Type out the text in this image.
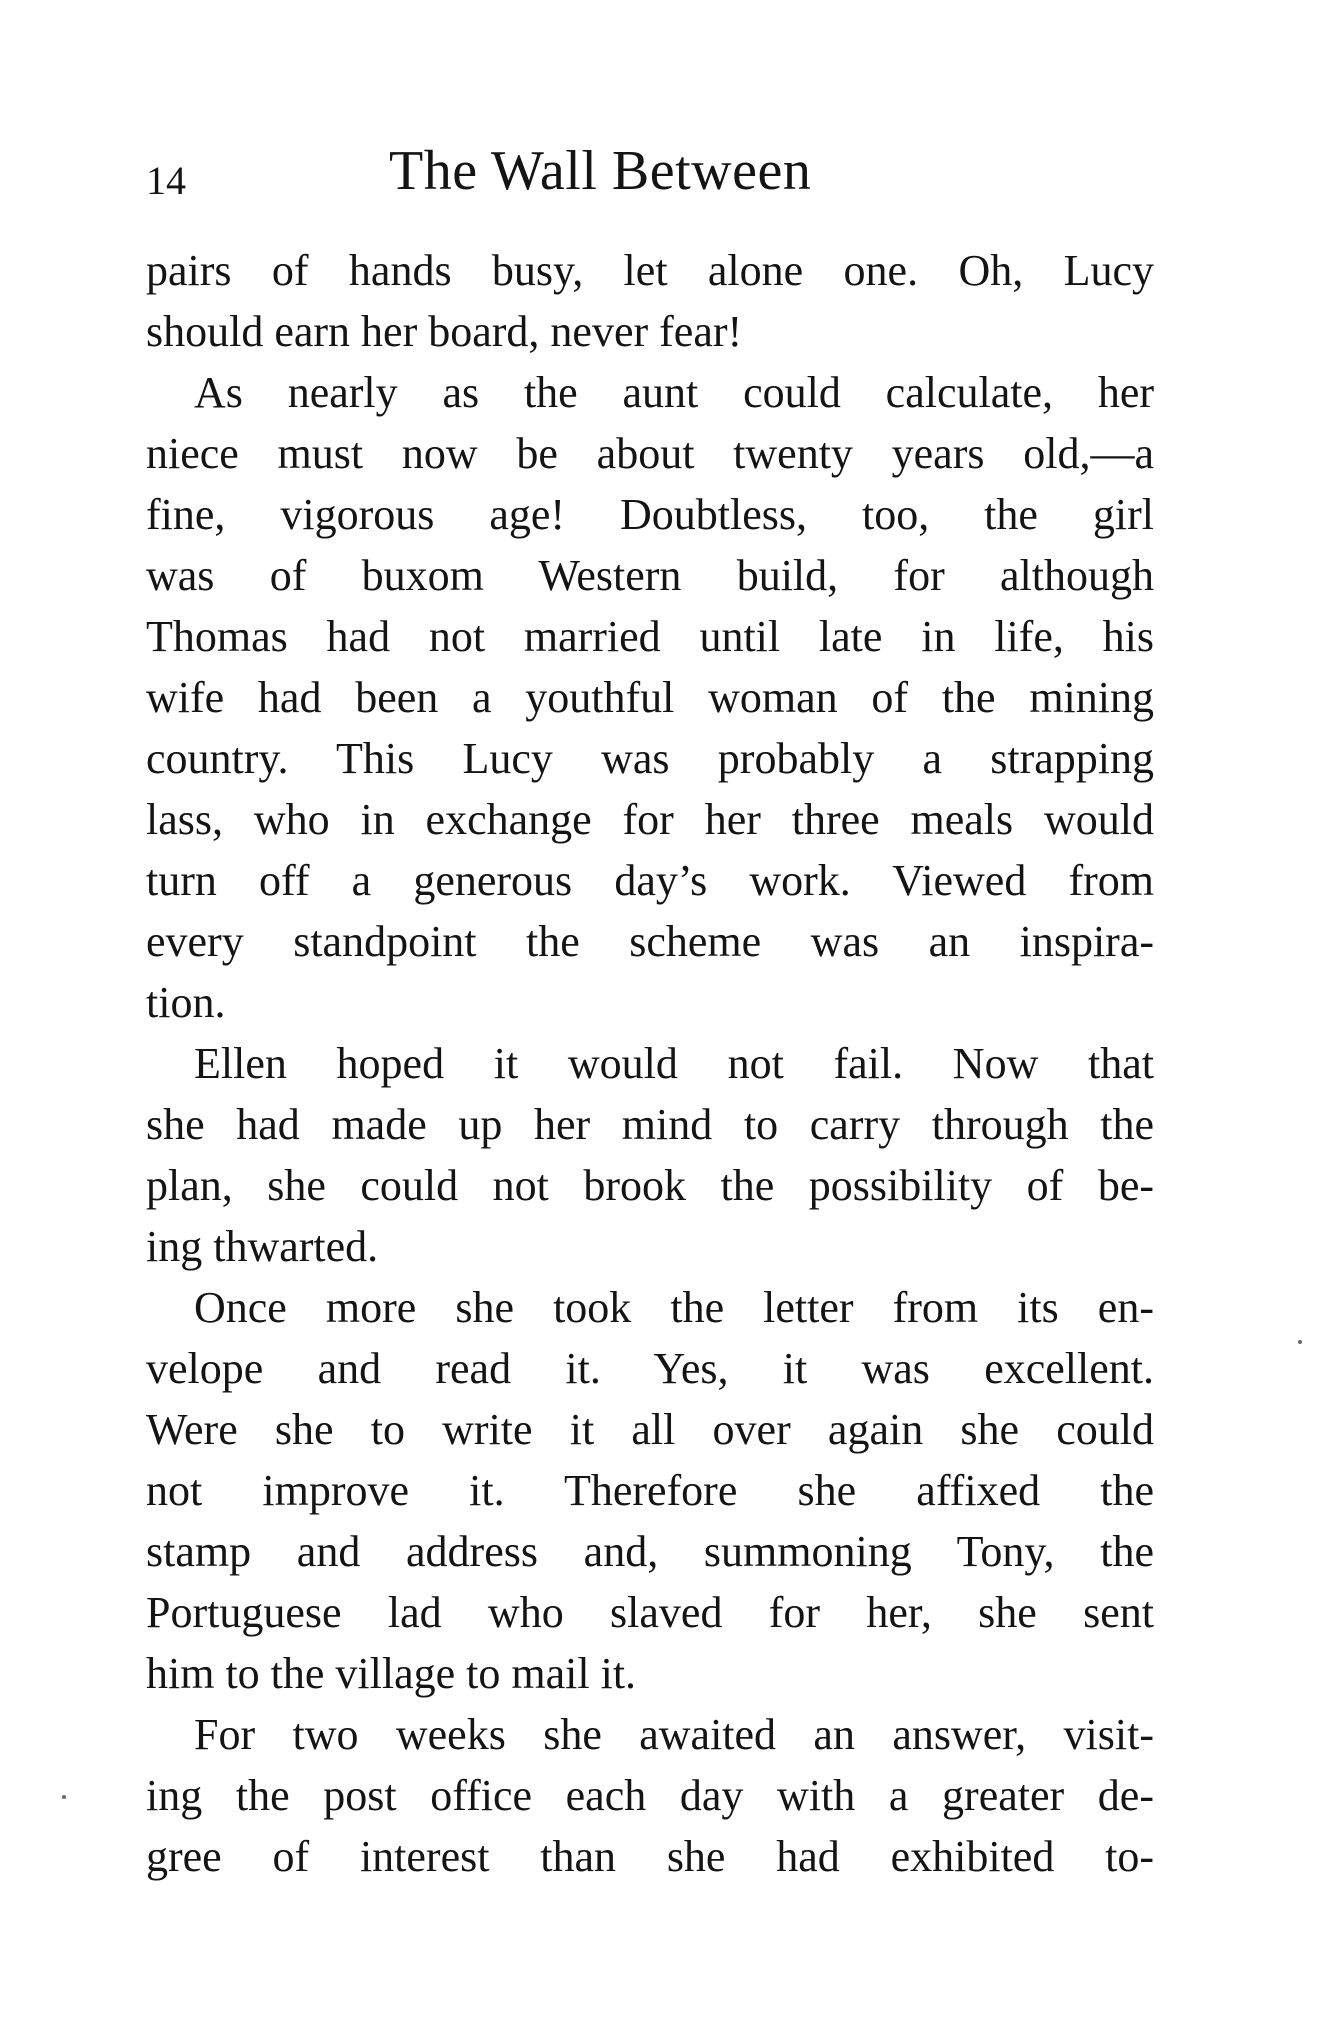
14	The Wall Between
pairs of hands busy, let alone one. Oh, Lucy
should earn her board, never fear!
As nearly as the aunt could calculate, her
niece must now be about twenty years old,—a
fine, vigorous age! Doubtless, too, the girl
was of buxom Western build, for although
Thomas had not married until late in life, his
wife had been a youthful woman of the mining
country. This Lucy was probably a strapping
lass, who in exchange for her three meals would
turn off a generous day’s work. Viewed from
every standpoint the scheme was an inspira-
tion.
Ellen hoped it would not fail. Now that
she had made up her mind to carry through the
plan, she could not brook the possibility of be-
ing thwarted.
Once more she took the letter from its en-
velope and read it. Yes, it was excellent.
Were she to write it all over again she could
not improve it. Therefore she affixed the
stamp and address and, summoning Tony, the
Portuguese lad who slaved for her, she sent
him to the village to mail it.
For two weeks she awaited an answer, visit-
ing the post office each day with a greater de-
gree of interest than she had exhibited to-
